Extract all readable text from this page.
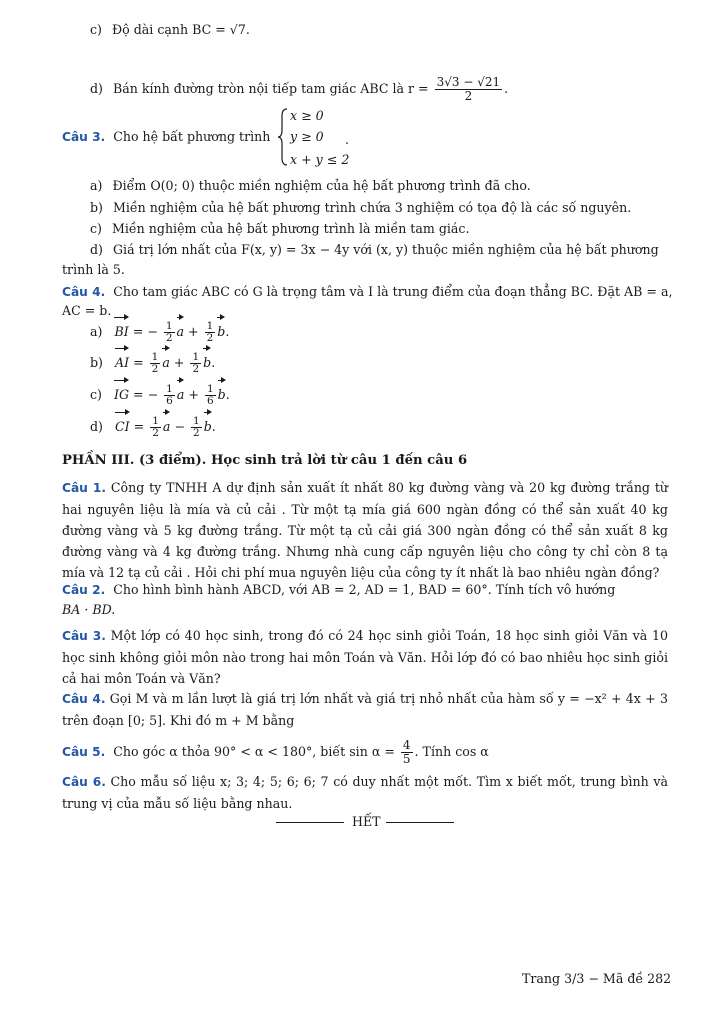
c) Độ dài cạnh BC = √7.
d) Bán kính đường tròn nội tiếp tam giác ABC là $r = \frac{3√3 - √21}{2}$ .
Câu 3. Cho hệ bất phương trình
x ≥ 0
y ≥ 0
x + y ≤ 2
.
a) Điểm O(0; 0) thuộc miền nghiệm của hệ bất phương trình đã cho.
b) Miền nghiệm của hệ bất phương trình chứa 3 nghiệm có tọa độ là các số nguyên.
c) Miền nghiệm của hệ bất phương trình là miền tam giác.
d) Giá trị lớn nhất của F(x, y) = 3x − 4y với (x, y) thuộc miền nghiệm của hệ bất phương
trình là 5.
Câu 4. Cho tam giác ABC có G là trọng tâm và I là trung điểm của đoạn thẳng BC. Đặt AB = a,
AC = b.
a) BI = − $\frac{1}{2}$ $a + \frac{1}{2} b$.
b) AI = $\frac{1}{2}$ $a + \frac{1}{2} b$.
c) IG = − $\frac{1}{6}$ $a + \frac{1}{6} b$.
d) CI = $\frac{1}{2}$ $a - \frac{1}{2} b$.
PHẦN III. (3 điểm). Học sinh trả lời từ câu 1 đến câu 6
Câu 1. Công ty TNHH A dự định sản xuất ít nhất 80 kg đường vàng và 20 kg đường trắng từ hai nguyên liệu là mía và củ cải . Từ một tạ mía giá 600 ngàn đồng có thể sản xuất 40 kg đường vàng và 5 kg đường trắng. Từ một tạ củ cải giá 300 ngàn đồng có thể sản xuất 8 kg đường vàng và 4 kg đường trắng. Nhưng nhà cung cấp nguyên liệu cho công ty chỉ còn 8 tạ mía và 12 tạ củ cải . Hỏi chi phí mua nguyên liệu của công ty ít nhất là bao nhiêu ngàn đồng?
Câu 2. Cho hình bình hành ABCD, với AB = 2, AD = 1, BAD = 60°. Tính tích vô hướng
BA · BD.
Câu 3. Một lớp có 40 học sinh, trong đó có 24 học sinh giỏi Toán, 18 học sinh giỏi Văn và 10 học sinh không giỏi môn nào trong hai môn Toán và Văn. Hỏi lớp đó có bao nhiêu học sinh giỏi cả hai môn Toán và Văn?
Câu 4. Gọi M và m lần lượt là giá trị lớn nhất và giá trị nhỏ nhất của hàm số y = −x² + 4x + 3 trên đoạn [0; 5]. Khi đó m + M bằng
Câu 5. Cho góc α thỏa 90° < α < 180°, biết $\sin \alpha = \frac{4}{5}$ . Tính cos α
Câu 6. Cho mẫu số liệu x; 3; 4; 5; 6; 6; 7 có duy nhất một mốt. Tìm x biết mốt, trung bình và trung vị của mẫu số liệu bằng nhau.
HẾT
Trang 3/3 − Mã đề 282
